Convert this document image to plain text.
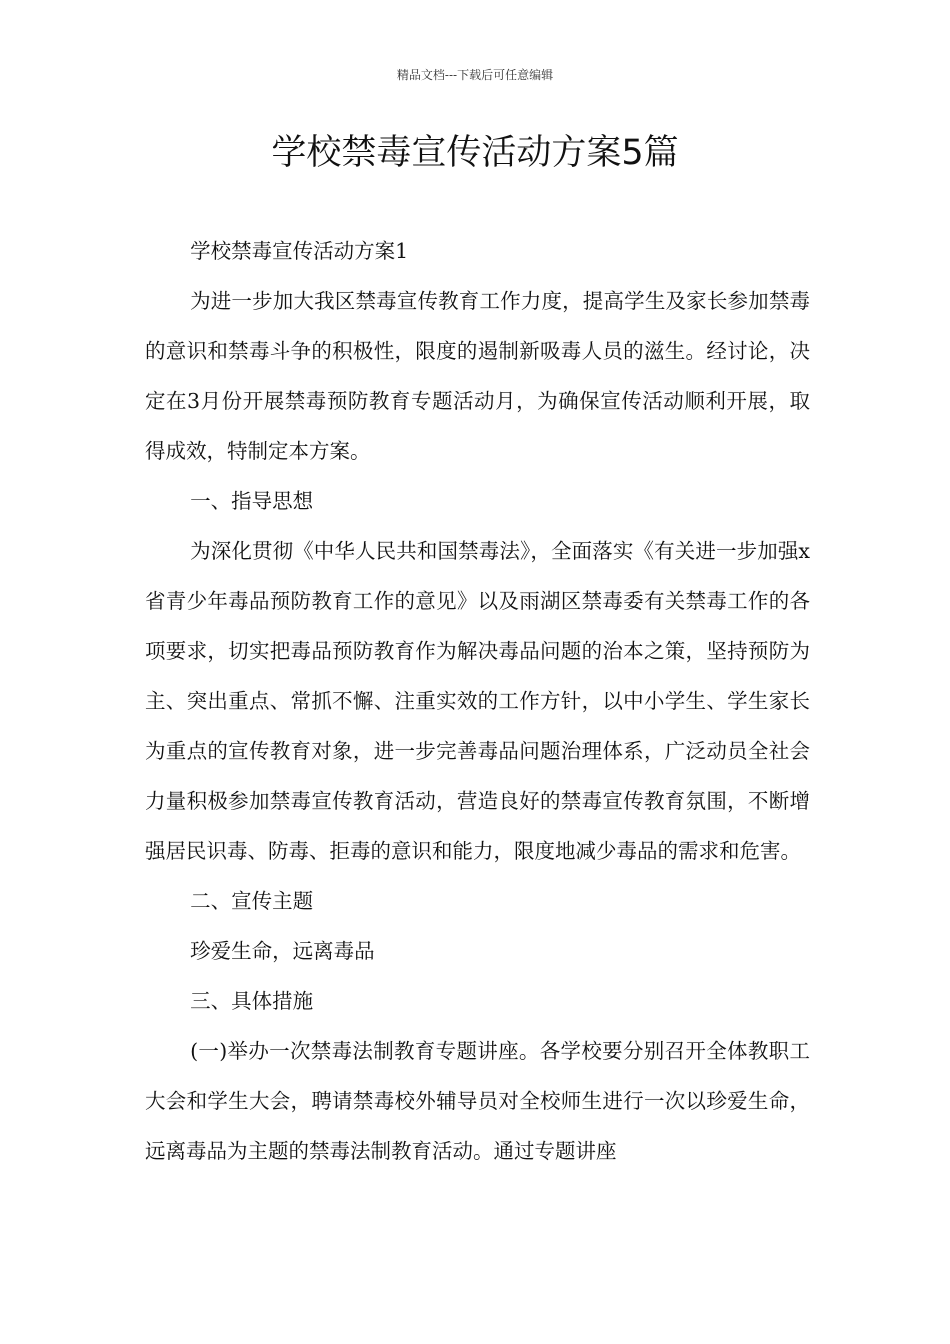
精品文档---下载后可任意编辑
学校禁毒宣传活动方案5篇

学校禁毒宣传活动方案1

为进一步加大我区禁毒宣传教育工作力度，提高学生及家长参加禁毒的意识和禁毒斗争的积极性，限度的遏制新吸毒人员的滋生。经讨论，决定在3月份开展禁毒预防教育专题活动月，为确保宣传活动顺利开展，取得成效，特制定本方案。

一、指导思想

为深化贯彻《中华人民共和国禁毒法》，全面落实《有关进一步加强x省青少年毒品预防教育工作的意见》以及雨湖区禁毒委有关禁毒工作的各项要求，切实把毒品预防教育作为解决毒品问题的治本之策，坚持预防为主、突出重点、常抓不懈、注重实效的工作方针，以中小学生、学生家长为重点的宣传教育对象，进一步完善毒品问题治理体系，广泛动员全社会力量积极参加禁毒宣传教育活动，营造良好的禁毒宣传教育氛围，不断增强居民识毒、防毒、拒毒的意识和能力，限度地减少毒品的需求和危害。

二、宣传主题

珍爱生命，远离毒品

三、具体措施

(一)举办一次禁毒法制教育专题讲座。各学校要分别召开全体教职工大会和学生大会，聘请禁毒校外辅导员对全校师生进行一次以珍爱生命，远离毒品为主题的禁毒法制教育活动。通过专题讲座
